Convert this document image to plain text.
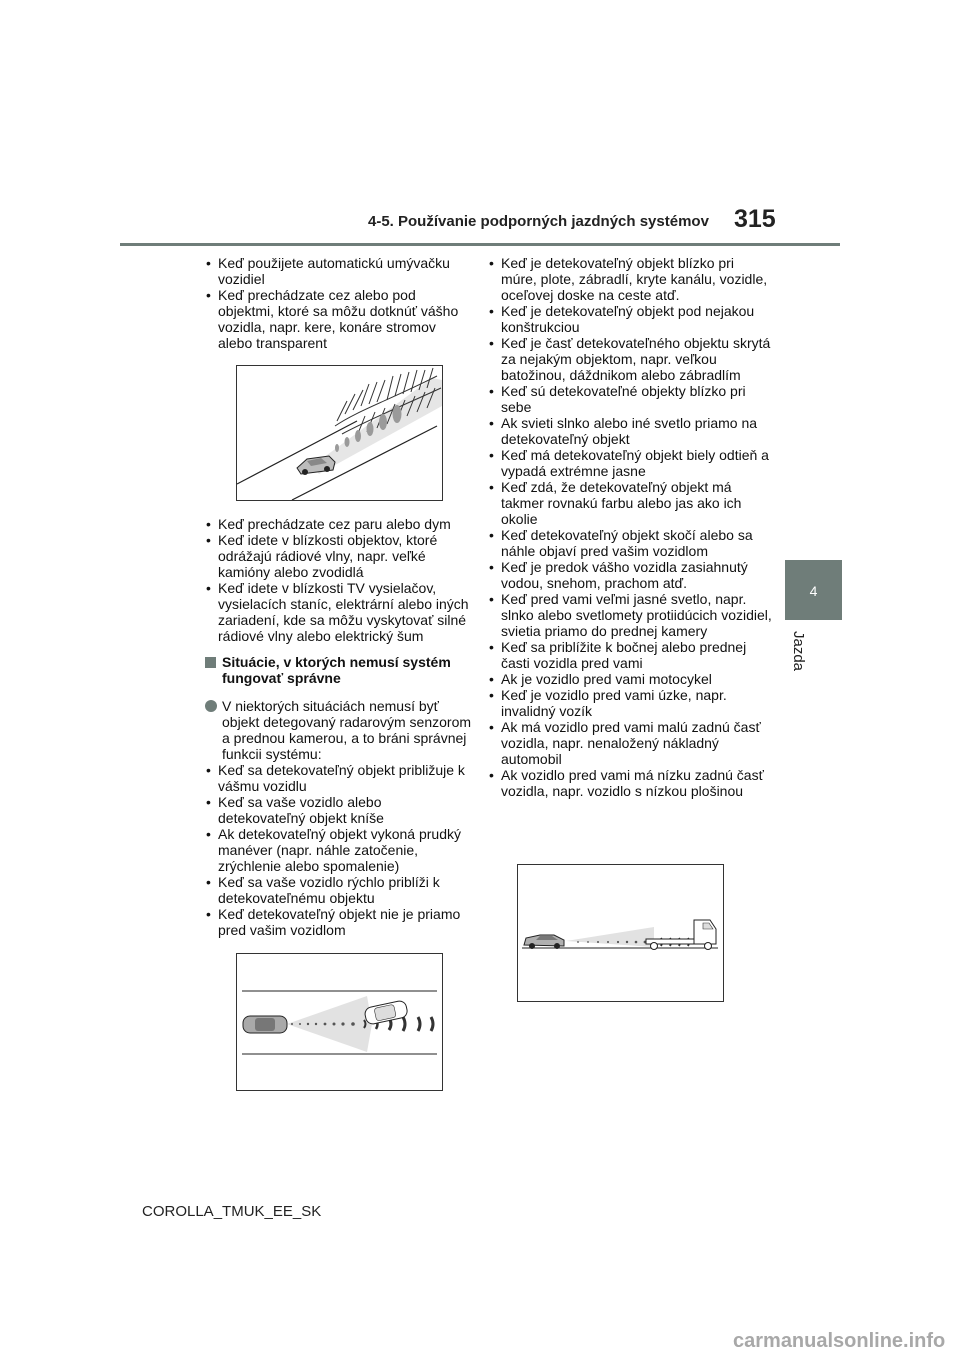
4-5. Používanie podporných jazdných systémov 315
4
Jazda
• Keď použijete automatickú umývačku vozidiel
• Keď prechádzate cez alebo pod objektmi, ktoré sa môžu dotknúť vášho vozidla, napr. kere, konáre stromov alebo transparent
• Keď prechádzate cez paru alebo dym
• Keď idete v blízkosti objektov, ktoré odrážajú rádiové vlny, napr. veľké kamióny alebo zvodidlá
• Keď idete v blízkosti TV vysielačov, vysielacích staníc, elektrární alebo iných zariadení, kde sa môžu vyskytovať silné rádiové vlny alebo elektrický šum
Situácie, v ktorých nemusí systém fungovať správne
V niektorých situáciách nemusí byť objekt detegovaný radarovým senzorom a prednou kamerou, a to bráni správnej funkcii systému:
• Keď sa detekovateľný objekt približuje k vášmu vozidlu
• Keď sa vaše vozidlo alebo detekovateľný objekt kníše
• Ak detekovateľný objekt vykoná prudký manéver (napr. náhle zatočenie, zrýchlenie alebo spomalenie)
• Keď sa vaše vozidlo rýchlo priblíži k detekovateľnému objektu
• Keď detekovateľný objekt nie je priamo pred vašim vozidlom
• Keď je detekovateľný objekt blízko pri múre, plote, zábradlí, kryte kanálu, vozidle, oceľovej doske na ceste atď.
• Keď je detekovateľný objekt pod nejakou konštrukciou
• Keď je časť detekovateľného objektu skrytá za nejakým objektom, napr. veľkou batožinou, dáždnikom alebo zábradlím
• Keď sú detekovateľné objekty blízko pri sebe
• Ak svieti slnko alebo iné svetlo priamo na detekovateľný objekt
• Keď má detekovateľný objekt biely odtieň a vypadá extrémne jasne
• Keď zdá, že detekovateľný objekt má takmer rovnakú farbu alebo jas ako ich okolie
• Keď detekovateľný objekt skočí alebo sa náhle objaví pred vašim vozidlom
• Keď je predok vášho vozidla zasiahnutý vodou, snehom, prachom atď.
• Keď pred vami veľmi jasné svetlo, napr. slnko alebo svetlomety protiidúcich vozidiel, svietia priamo do prednej kamery
• Keď sa priblížite k bočnej alebo prednej časti vozidla pred vami
• Ak je vozidlo pred vami motocykel
• Keď je vozidlo pred vami úzke, napr. invalidný vozík
• Ak má vozidlo pred vami malú zadnú časť vozidla, napr. nenaložený nákladný automobil
• Ak vozidlo pred vami má nízku zadnú časť vozidla, napr. vozidlo s nízkou plošinou
COROLLA_TMUK_EE_SK
carmanualsonline.info
